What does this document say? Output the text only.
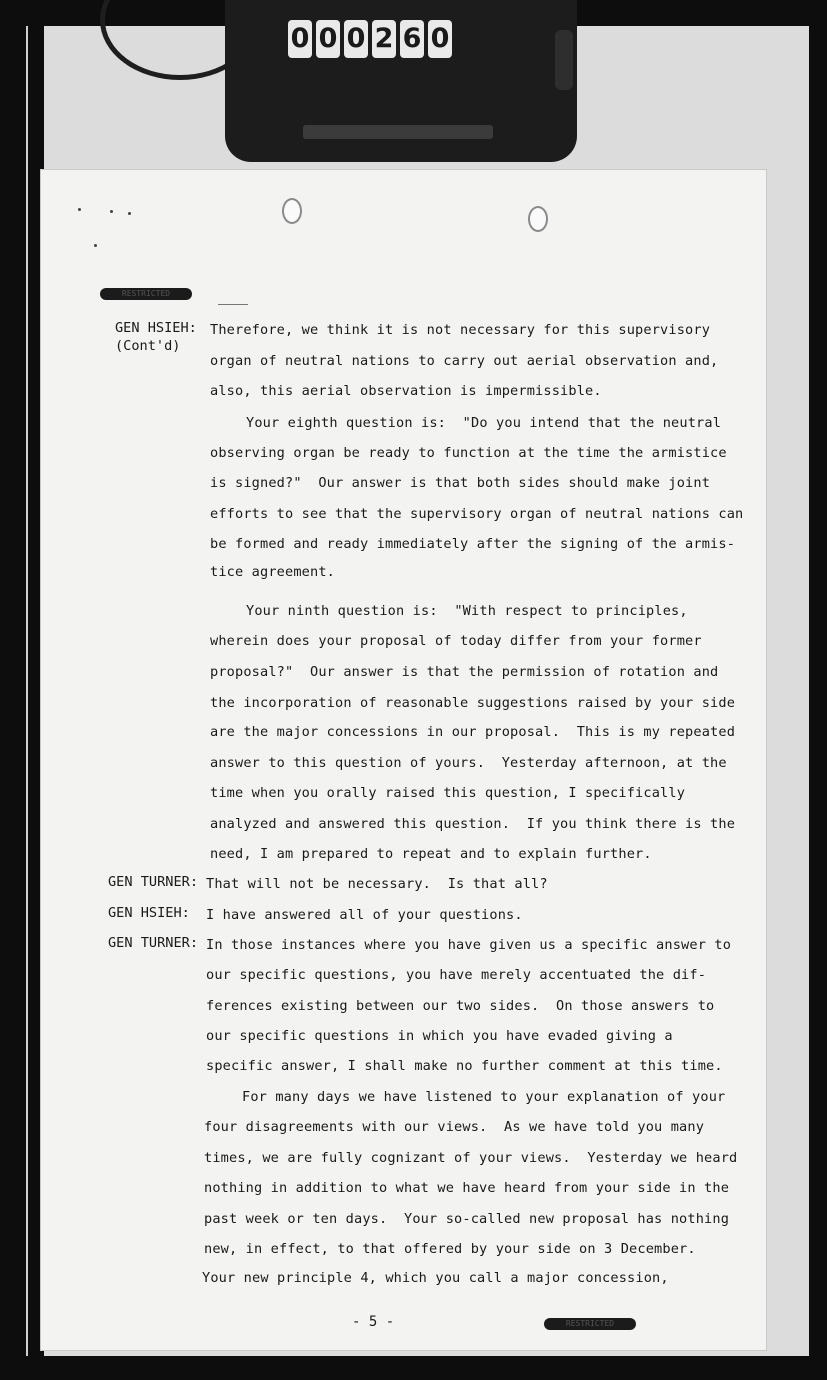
0 0 0 2 6 0
RESTRICTED
GEN HSIEH:
(Cont'd)
GEN TURNER:
GEN HSIEH:
GEN TURNER:
Therefore, we think it is not necessary for this supervisory
organ of neutral nations to carry out aerial observation and,
also, this aerial observation is impermissible.
Your eighth question is:  "Do you intend that the neutral
observing organ be ready to function at the time the armistice
is signed?"  Our answer is that both sides should make joint
efforts to see that the supervisory organ of neutral nations can
be formed and ready immediately after the signing of the armis-
tice agreement.
Your ninth question is:  "With respect to principles,
wherein does your proposal of today differ from your former
proposal?"  Our answer is that the permission of rotation and
the incorporation of reasonable suggestions raised by your side
are the major concessions in our proposal.  This is my repeated
answer to this question of yours.  Yesterday afternoon, at the
time when you orally raised this question, I specifically
analyzed and answered this question.  If you think there is the
need, I am prepared to repeat and to explain further.
That will not be necessary.  Is that all?
I have answered all of your questions.
In those instances where you have given us a specific answer to
our specific questions, you have merely accentuated the dif-
ferences existing between our two sides.  On those answers to
our specific questions in which you have evaded giving a
specific answer, I shall make no further comment at this time.
For many days we have listened to your explanation of your
four disagreements with our views.  As we have told you many
times, we are fully cognizant of your views.  Yesterday we heard
nothing in addition to what we have heard from your side in the
past week or ten days.  Your so-called new proposal has nothing
new, in effect, to that offered by your side on 3 December.
Your new principle 4, which you call a major concession,
- 5 -	RESTRICTED
